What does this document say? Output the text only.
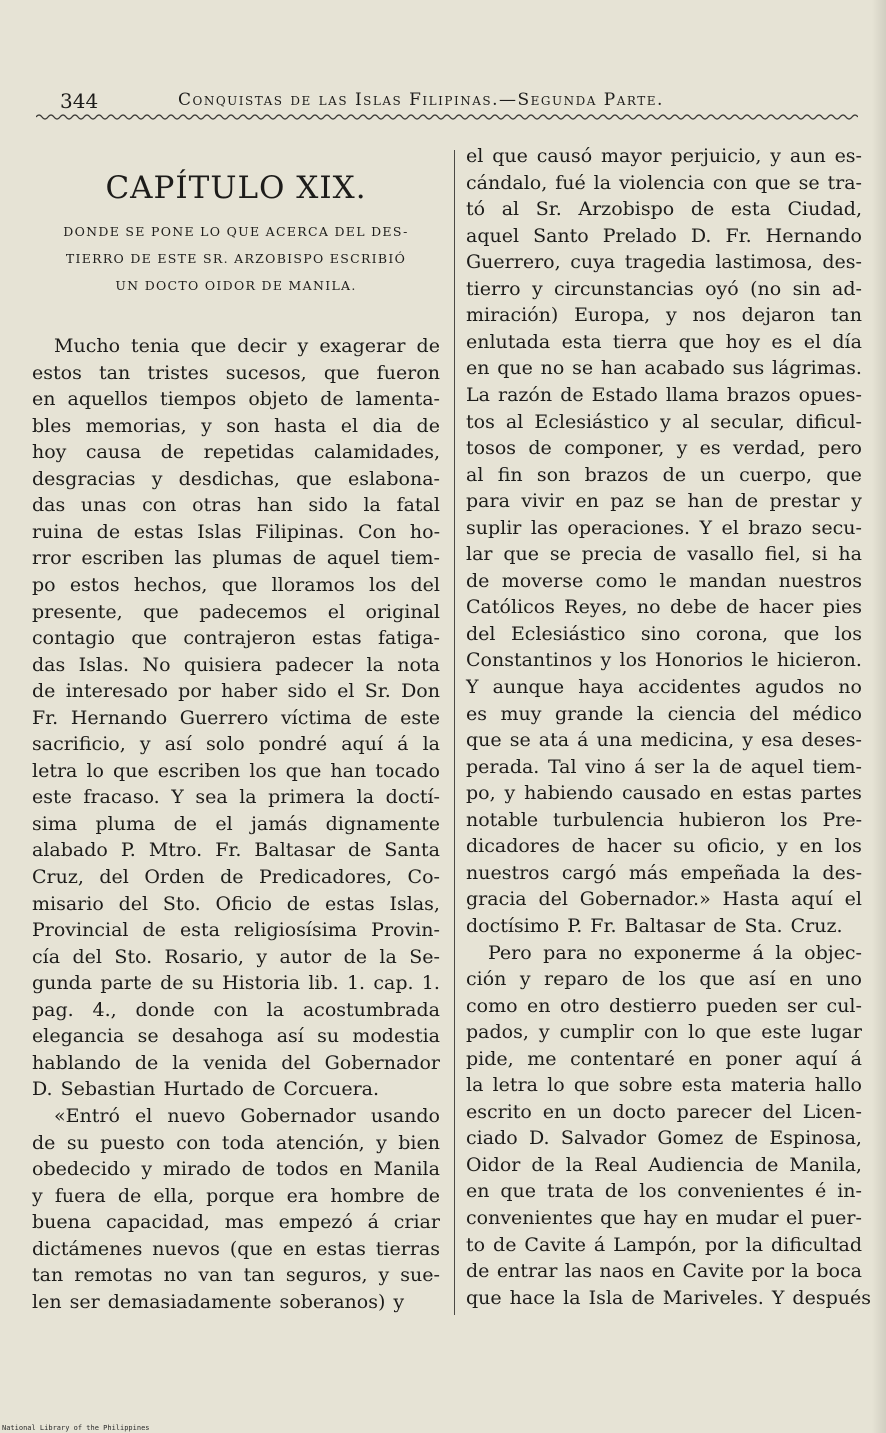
344	Conquistas de las Islas Filipinas.—Segunda Parte.
CAPÍTULO XIX.
DONDE SE PONE LO QUE ACERCA DEL DES-
TIERRO DE ESTE SR. ARZOBISPO ESCRIBIÓ
UN DOCTO OIDOR DE MANILA.
Mucho tenia que decir y exagerar de
estos tan tristes sucesos, que fueron
en aquellos tiempos objeto de lamenta-
bles memorias, y son hasta el dia de
hoy causa de repetidas calamidades,
desgracias y desdichas, que eslabona-
das unas con otras han sido la fatal
ruina de estas Islas Filipinas. Con ho-
rror escriben las plumas de aquel tiem-
po estos hechos, que lloramos los del
presente, que padecemos el original
contagio que contrajeron estas fatiga-
das Islas. No quisiera padecer la nota
de interesado por haber sido el Sr. Don
Fr. Hernando Guerrero víctima de este
sacrificio, y así solo pondré aquí á la
letra lo que escriben los que han tocado
este fracaso. Y sea la primera la doctí-
sima pluma de el jamás dignamente
alabado P. Mtro. Fr. Baltasar de Santa
Cruz, del Orden de Predicadores, Co-
misario del Sto. Oficio de estas Islas,
Provincial de esta religiosísima Provin-
cía del Sto. Rosario, y autor de la Se-
gunda parte de su Historia lib. 1. cap. 1.
pag. 4., donde con la acostumbrada
elegancia se desahoga así su modestia
hablando de la venida del Gobernador
D. Sebastian Hurtado de Corcuera.
«Entró el nuevo Gobernador usando
de su puesto con toda atención, y bien
obedecido y mirado de todos en Manila
y fuera de ella, porque era hombre de
buena capacidad, mas empezó á criar
dictámenes nuevos (que en estas tierras
tan remotas no van tan seguros, y sue-
len ser demasiadamente soberanos) y
el que causó mayor perjuicio, y aun es-
cándalo, fué la violencia con que se tra-
tó al Sr. Arzobispo de esta Ciudad,
aquel Santo Prelado D. Fr. Hernando
Guerrero, cuya tragedia lastimosa, des-
tierro y circunstancias oyó (no sin ad-
miración) Europa, y nos dejaron tan
enlutada esta tierra que hoy es el día
en que no se han acabado sus lágrimas.
La razón de Estado llama brazos opues-
tos al Eclesiástico y al secular, dificul-
tosos de componer, y es verdad, pero
al fin son brazos de un cuerpo, que
para vivir en paz se han de prestar y
suplir las operaciones. Y el brazo secu-
lar que se precia de vasallo fiel, si ha
de moverse como le mandan nuestros
Católicos Reyes, no debe de hacer pies
del Eclesiástico sino corona, que los
Constantinos y los Honorios le hicieron.
Y aunque haya accidentes agudos no
es muy grande la ciencia del médico
que se ata á una medicina, y esa deses-
perada. Tal vino á ser la de aquel tiem-
po, y habiendo causado en estas partes
notable turbulencia hubieron los Pre-
dicadores de hacer su oficio, y en los
nuestros cargó más empeñada la des-
gracia del Gobernador.» Hasta aquí el
doctísimo P. Fr. Baltasar de Sta. Cruz.
Pero para no exponerme á la objec-
ción y reparo de los que así en uno
como en otro destierro pueden ser cul-
pados, y cumplir con lo que este lugar
pide, me contentaré en poner aquí á
la letra lo que sobre esta materia hallo
escrito en un docto parecer del Licen-
ciado D. Salvador Gomez de Espinosa,
Oidor de la Real Audiencia de Manila,
en que trata de los convenientes é in-
convenientes que hay en mudar el puer-
to de Cavite á Lampón, por la dificultad
de entrar las naos en Cavite por la boca
que hace la Isla de Mariveles. Y después
National Library of the Philippines
